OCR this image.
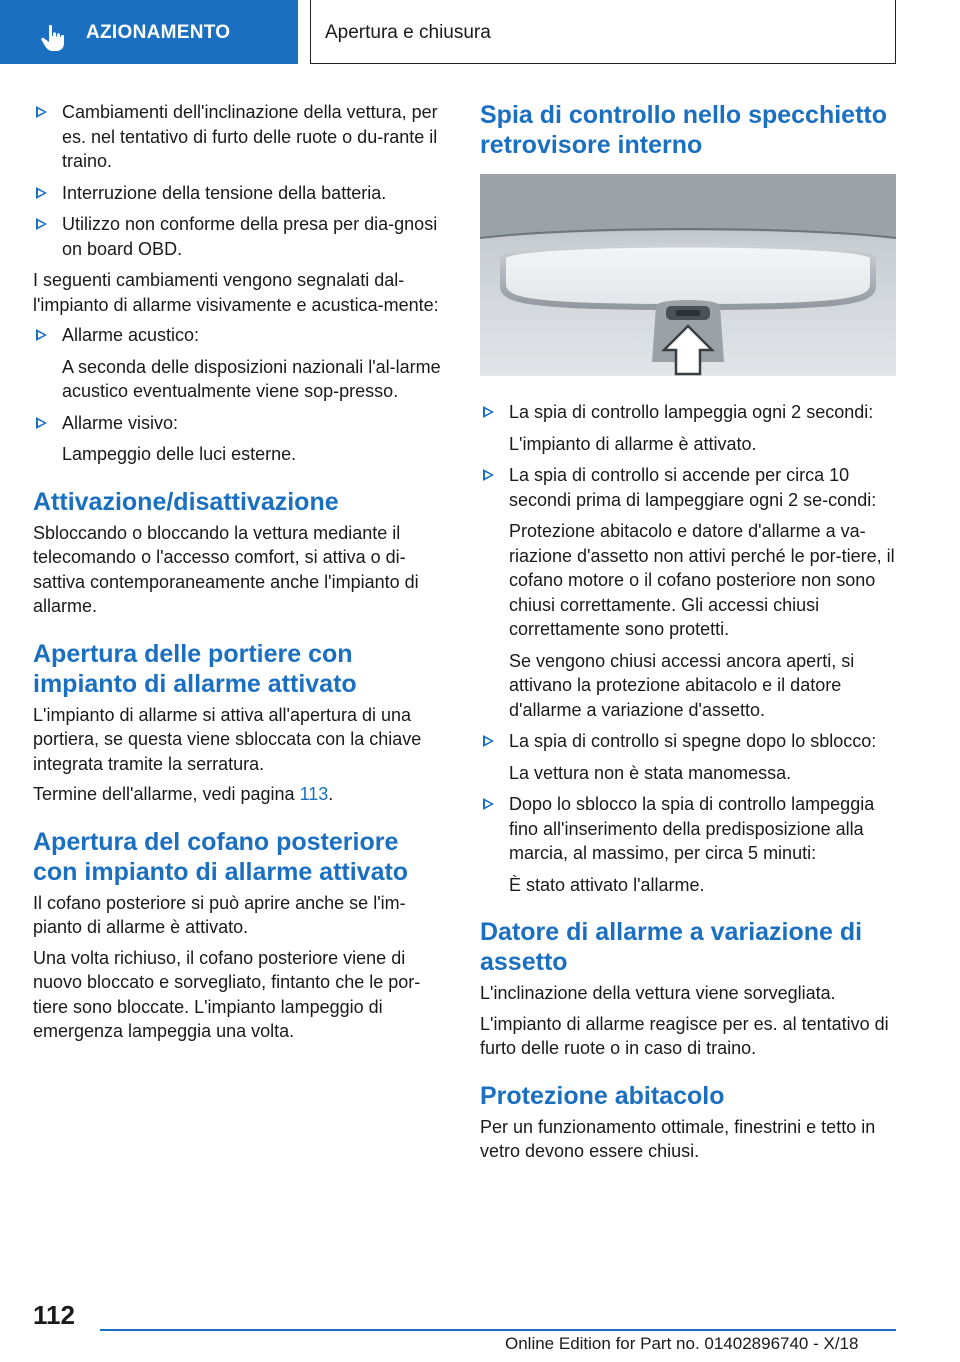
AZIONAMENTO	Apertura e chiusura
Cambiamenti dell'inclinazione della vettura, per es. nel tentativo di furto delle ruote o du-rante il traino.
Interruzione della tensione della batteria.
Utilizzo non conforme della presa per dia-gnosi on board OBD.

I seguenti cambiamenti vengono segnalati dal-l'impianto di allarme visivamente e acustica-mente:

Allarme acustico:
A seconda delle disposizioni nazionali l'al-larme acustico eventualmente viene sop-presso.
Allarme visivo:
Lampeggio delle luci esterne.
Attivazione/disattivazione

Sbloccando o bloccando la vettura mediante il telecomando o l'accesso comfort, si attiva o di-sattiva contemporaneamente anche l'impianto di allarme.

Apertura delle portiere con impianto di allarme attivato

L'impianto di allarme si attiva all'apertura di una portiera, se questa viene sbloccata con la chiave integrata tramite la serratura.

Termine dell'allarme, vedi pagina 113.

Apertura del cofano posteriore con impianto di allarme attivato

Il cofano posteriore si può aprire anche se l'im-pianto di allarme è attivato.

Una volta richiuso, il cofano posteriore viene di nuovo bloccato e sorvegliato, fintanto che le por-tiere sono bloccate. L'impianto lampeggio di emergenza lampeggia una volta.

Spia di controllo nello specchietto retrovisore interno
La spia di controllo lampeggia ogni 2 secondi:
L'impianto di allarme è attivato.
La spia di controllo si accende per circa 10 secondi prima di lampeggiare ogni 2 se-condi:
Protezione abitacolo e datore d'allarme a va-riazione d'assetto non attivi perché le por-tiere, il cofano motore o il cofano posteriore non sono chiusi correttamente. Gli accessi chiusi correttamente sono protetti.
Se vengono chiusi accessi ancora aperti, si attivano la protezione abitacolo e il datore d'allarme a variazione d'assetto.
La spia di controllo si spegne dopo lo sblocco:
La vettura non è stata manomessa.
Dopo lo sblocco la spia di controllo lampeggia fino all'inserimento della predisposizione alla marcia, al massimo, per circa 5 minuti:
È stato attivato l'allarme.
Datore di allarme a variazione di assetto

L'inclinazione della vettura viene sorvegliata.

L'impianto di allarme reagisce per es. al tentativo di furto delle ruote o in caso di traino.

Protezione abitacolo

Per un funzionamento ottimale, finestrini e tetto in vetro devono essere chiusi.

112
Online Edition for Part no. 01402896740 - X/18
